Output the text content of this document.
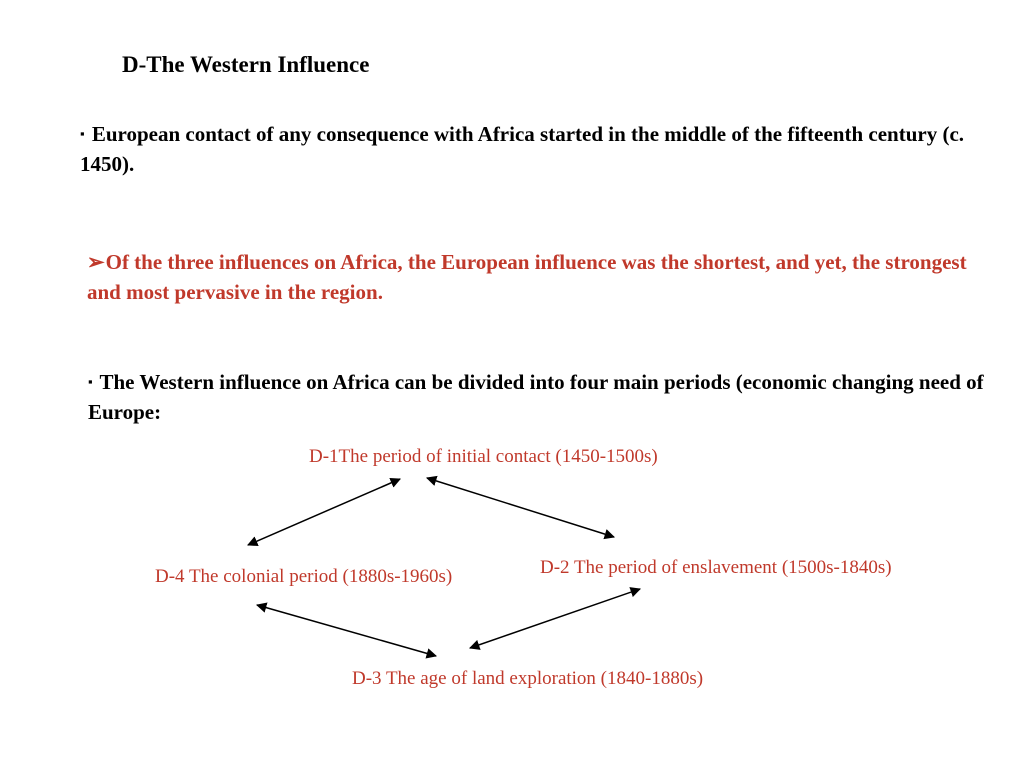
D-The Western Influence
▪ European contact of any consequence with Africa started in the middle of the fifteenth century (c. 1450).
➢Of the three influences on Africa, the European influence was the shortest, and yet, the strongest and most pervasive in the region.
▪ The Western influence on Africa can be divided into four main periods (economic changing need of Europe:
D-1The period of initial contact (1450-1500s)
D-2 The period of enslavement (1500s-1840s)
D-3 The age of land exploration (1840-1880s)
D-4 The colonial period (1880s-1960s)
